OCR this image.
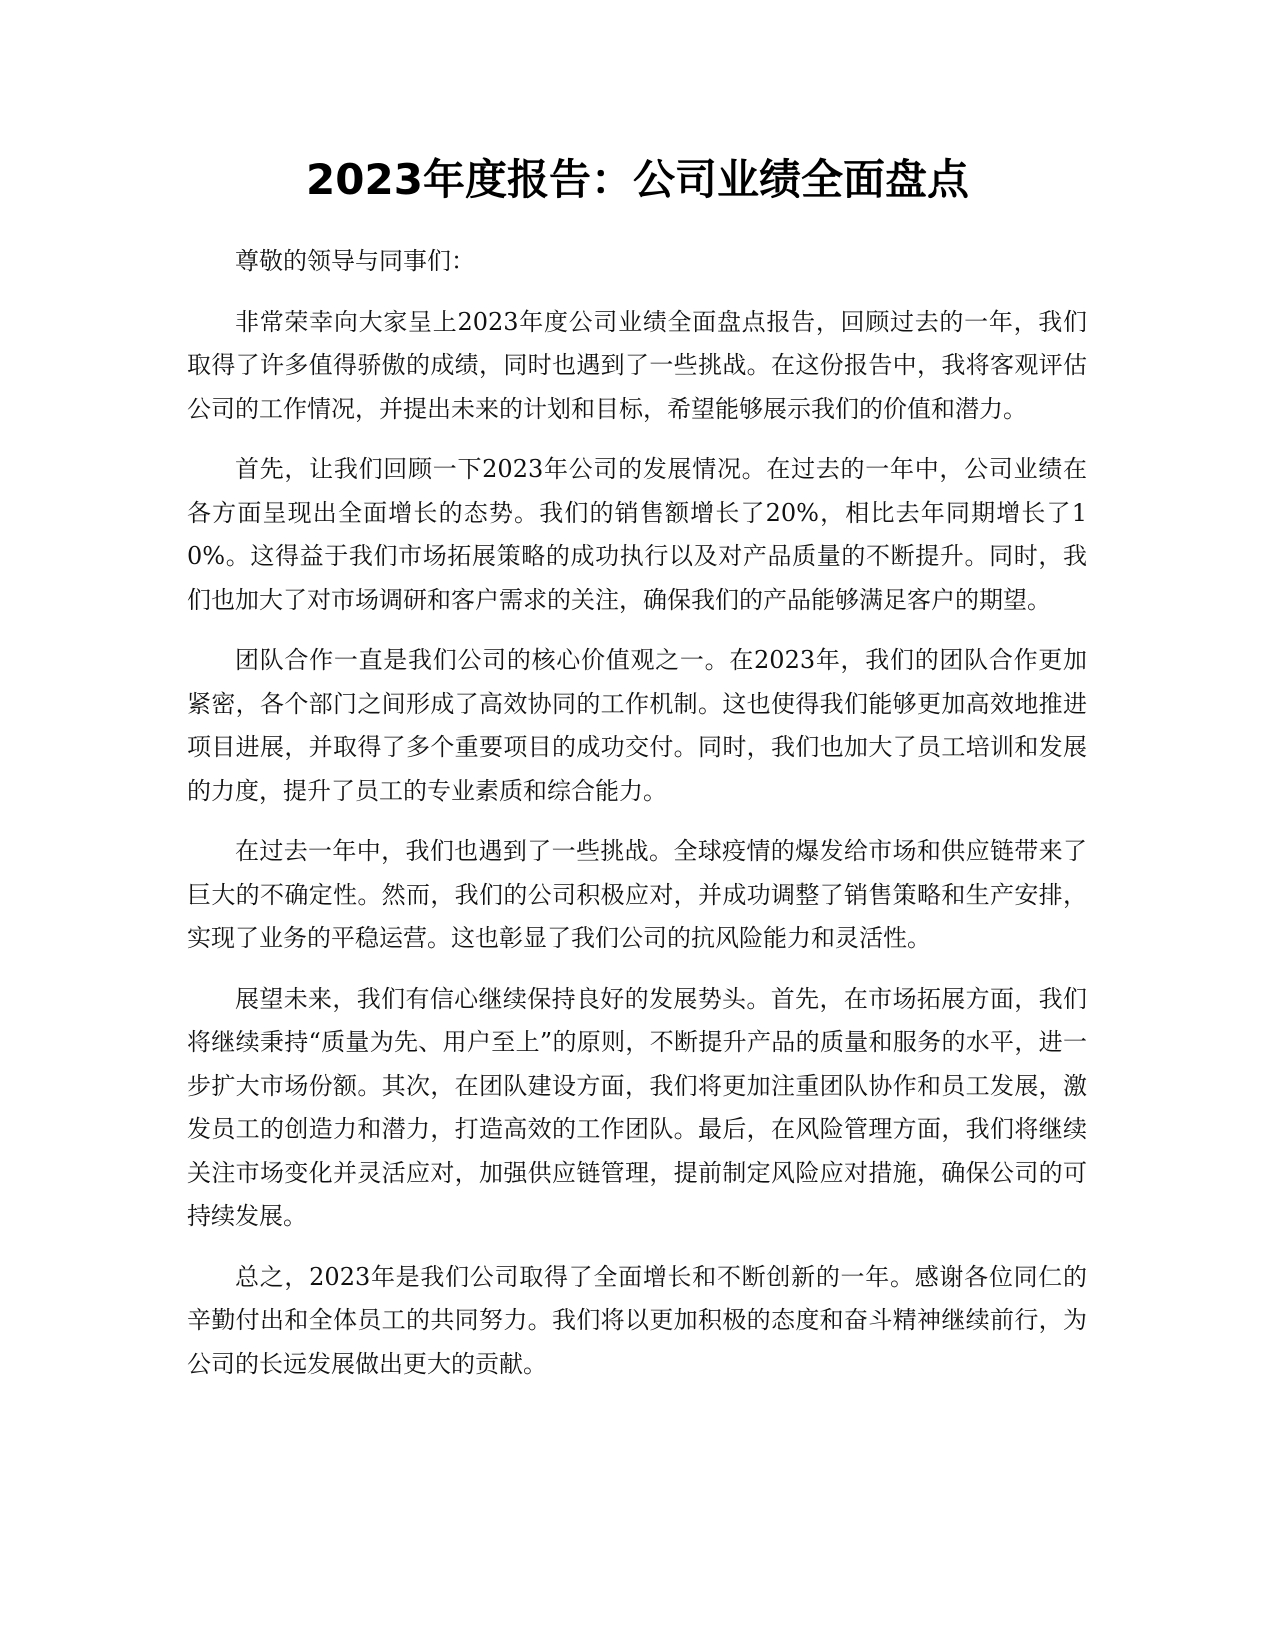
2023年度报告：公司业绩全面盘点

尊敬的领导与同事们：

非常荣幸向大家呈上2023年度公司业绩全面盘点报告，回顾过去的一年，我们取得了许多值得骄傲的成绩，同时也遇到了一些挑战。在这份报告中，我将客观评估公司的工作情况，并提出未来的计划和目标，希望能够展示我们的价值和潜力。

首先，让我们回顾一下2023年公司的发展情况。在过去的一年中，公司业绩在各方面呈现出全面增长的态势。我们的销售额增长了20%，相比去年同期增长了10%。这得益于我们市场拓展策略的成功执行以及对产品质量的不断提升。同时，我们也加大了对市场调研和客户需求的关注，确保我们的产品能够满足客户的期望。

团队合作一直是我们公司的核心价值观之一。在2023年，我们的团队合作更加紧密，各个部门之间形成了高效协同的工作机制。这也使得我们能够更加高效地推进项目进展，并取得了多个重要项目的成功交付。同时，我们也加大了员工培训和发展的力度，提升了员工的专业素质和综合能力。

在过去一年中，我们也遇到了一些挑战。全球疫情的爆发给市场和供应链带来了巨大的不确定性。然而，我们的公司积极应对，并成功调整了销售策略和生产安排，实现了业务的平稳运营。这也彰显了我们公司的抗风险能力和灵活性。

展望未来，我们有信心继续保持良好的发展势头。首先，在市场拓展方面，我们将继续秉持“质量为先、用户至上”的原则，不断提升产品的质量和服务的水平，进一步扩大市场份额。其次，在团队建设方面，我们将更加注重团队协作和员工发展，激发员工的创造力和潜力，打造高效的工作团队。最后，在风险管理方面，我们将继续关注市场变化并灵活应对，加强供应链管理，提前制定风险应对措施，确保公司的可持续发展。

总之，2023年是我们公司取得了全面增长和不断创新的一年。感谢各位同仁的辛勤付出和全体员工的共同努力。我们将以更加积极的态度和奋斗精神继续前行，为公司的长远发展做出更大的贡献。
